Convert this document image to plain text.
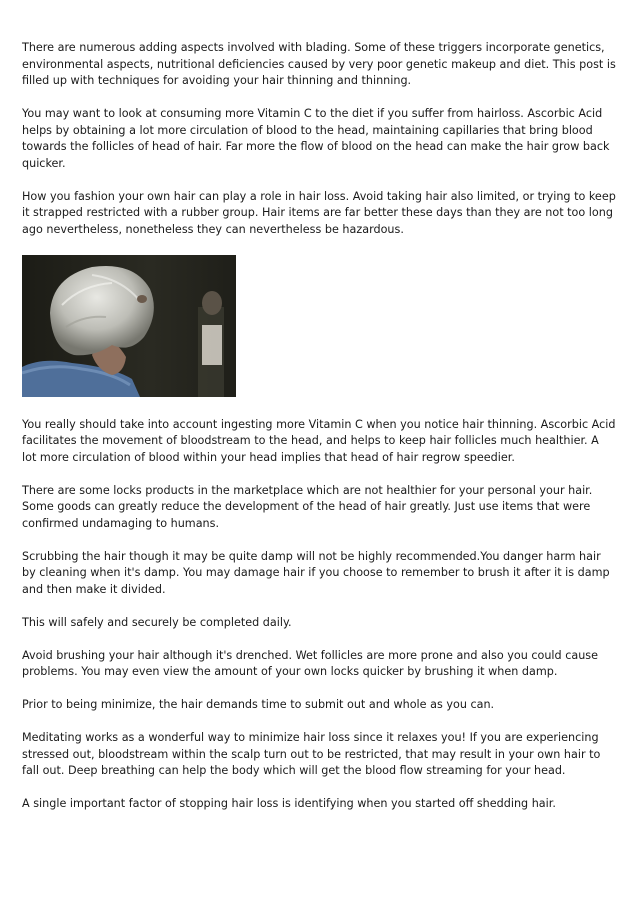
There are numerous adding aspects involved with blading. Some of these triggers incorporate genetics, environmental aspects, nutritional deficiencies caused by very poor genetic makeup and diet. This post is filled up with techniques for avoiding your hair thinning and thinning.

You may want to look at consuming more Vitamin C to the diet if you suffer from hairloss. Ascorbic Acid helps by obtaining a lot more circulation of blood to the head, maintaining capillaries that bring blood towards the follicles of head of hair. Far more the flow of blood on the head can make the hair grow back quicker.

How you fashion your own hair can play a role in hair loss. Avoid taking hair also limited, or trying to keep it strapped restricted with a rubber group. Hair items are far better these days than they are not too long ago nevertheless, nonetheless they can nevertheless be hazardous.

You really should take into account ingesting more Vitamin C when you notice hair thinning. Ascorbic Acid facilitates the movement of bloodstream to the head, and helps to keep hair follicles much healthier. A lot more circulation of blood within your head implies that head of hair regrow speedier.

There are some locks products in the marketplace which are not healthier for your personal your hair. Some goods can greatly reduce the development of the head of hair greatly. Just use items that were confirmed undamaging to humans.

Scrubbing the hair though it may be quite damp will not be highly recommended.You danger harm hair by cleaning when it's damp. You may damage hair if you choose to remember to brush it after it is damp and then make it divided.

This will safely and securely be completed daily.

Avoid brushing your hair although it's drenched. Wet follicles are more prone and also you could cause problems. You may even view the amount of your own locks quicker by brushing it when damp.

Prior to being minimize, the hair demands time to submit out and whole as you can.

Meditating works as a wonderful way to minimize hair loss since it relaxes you! If you are experiencing stressed out, bloodstream within the scalp turn out to be restricted, that may result in your own hair to fall out. Deep breathing can help the body which will get the blood flow streaming for your head.

A single important factor of stopping hair loss is identifying when you started off shedding hair.
